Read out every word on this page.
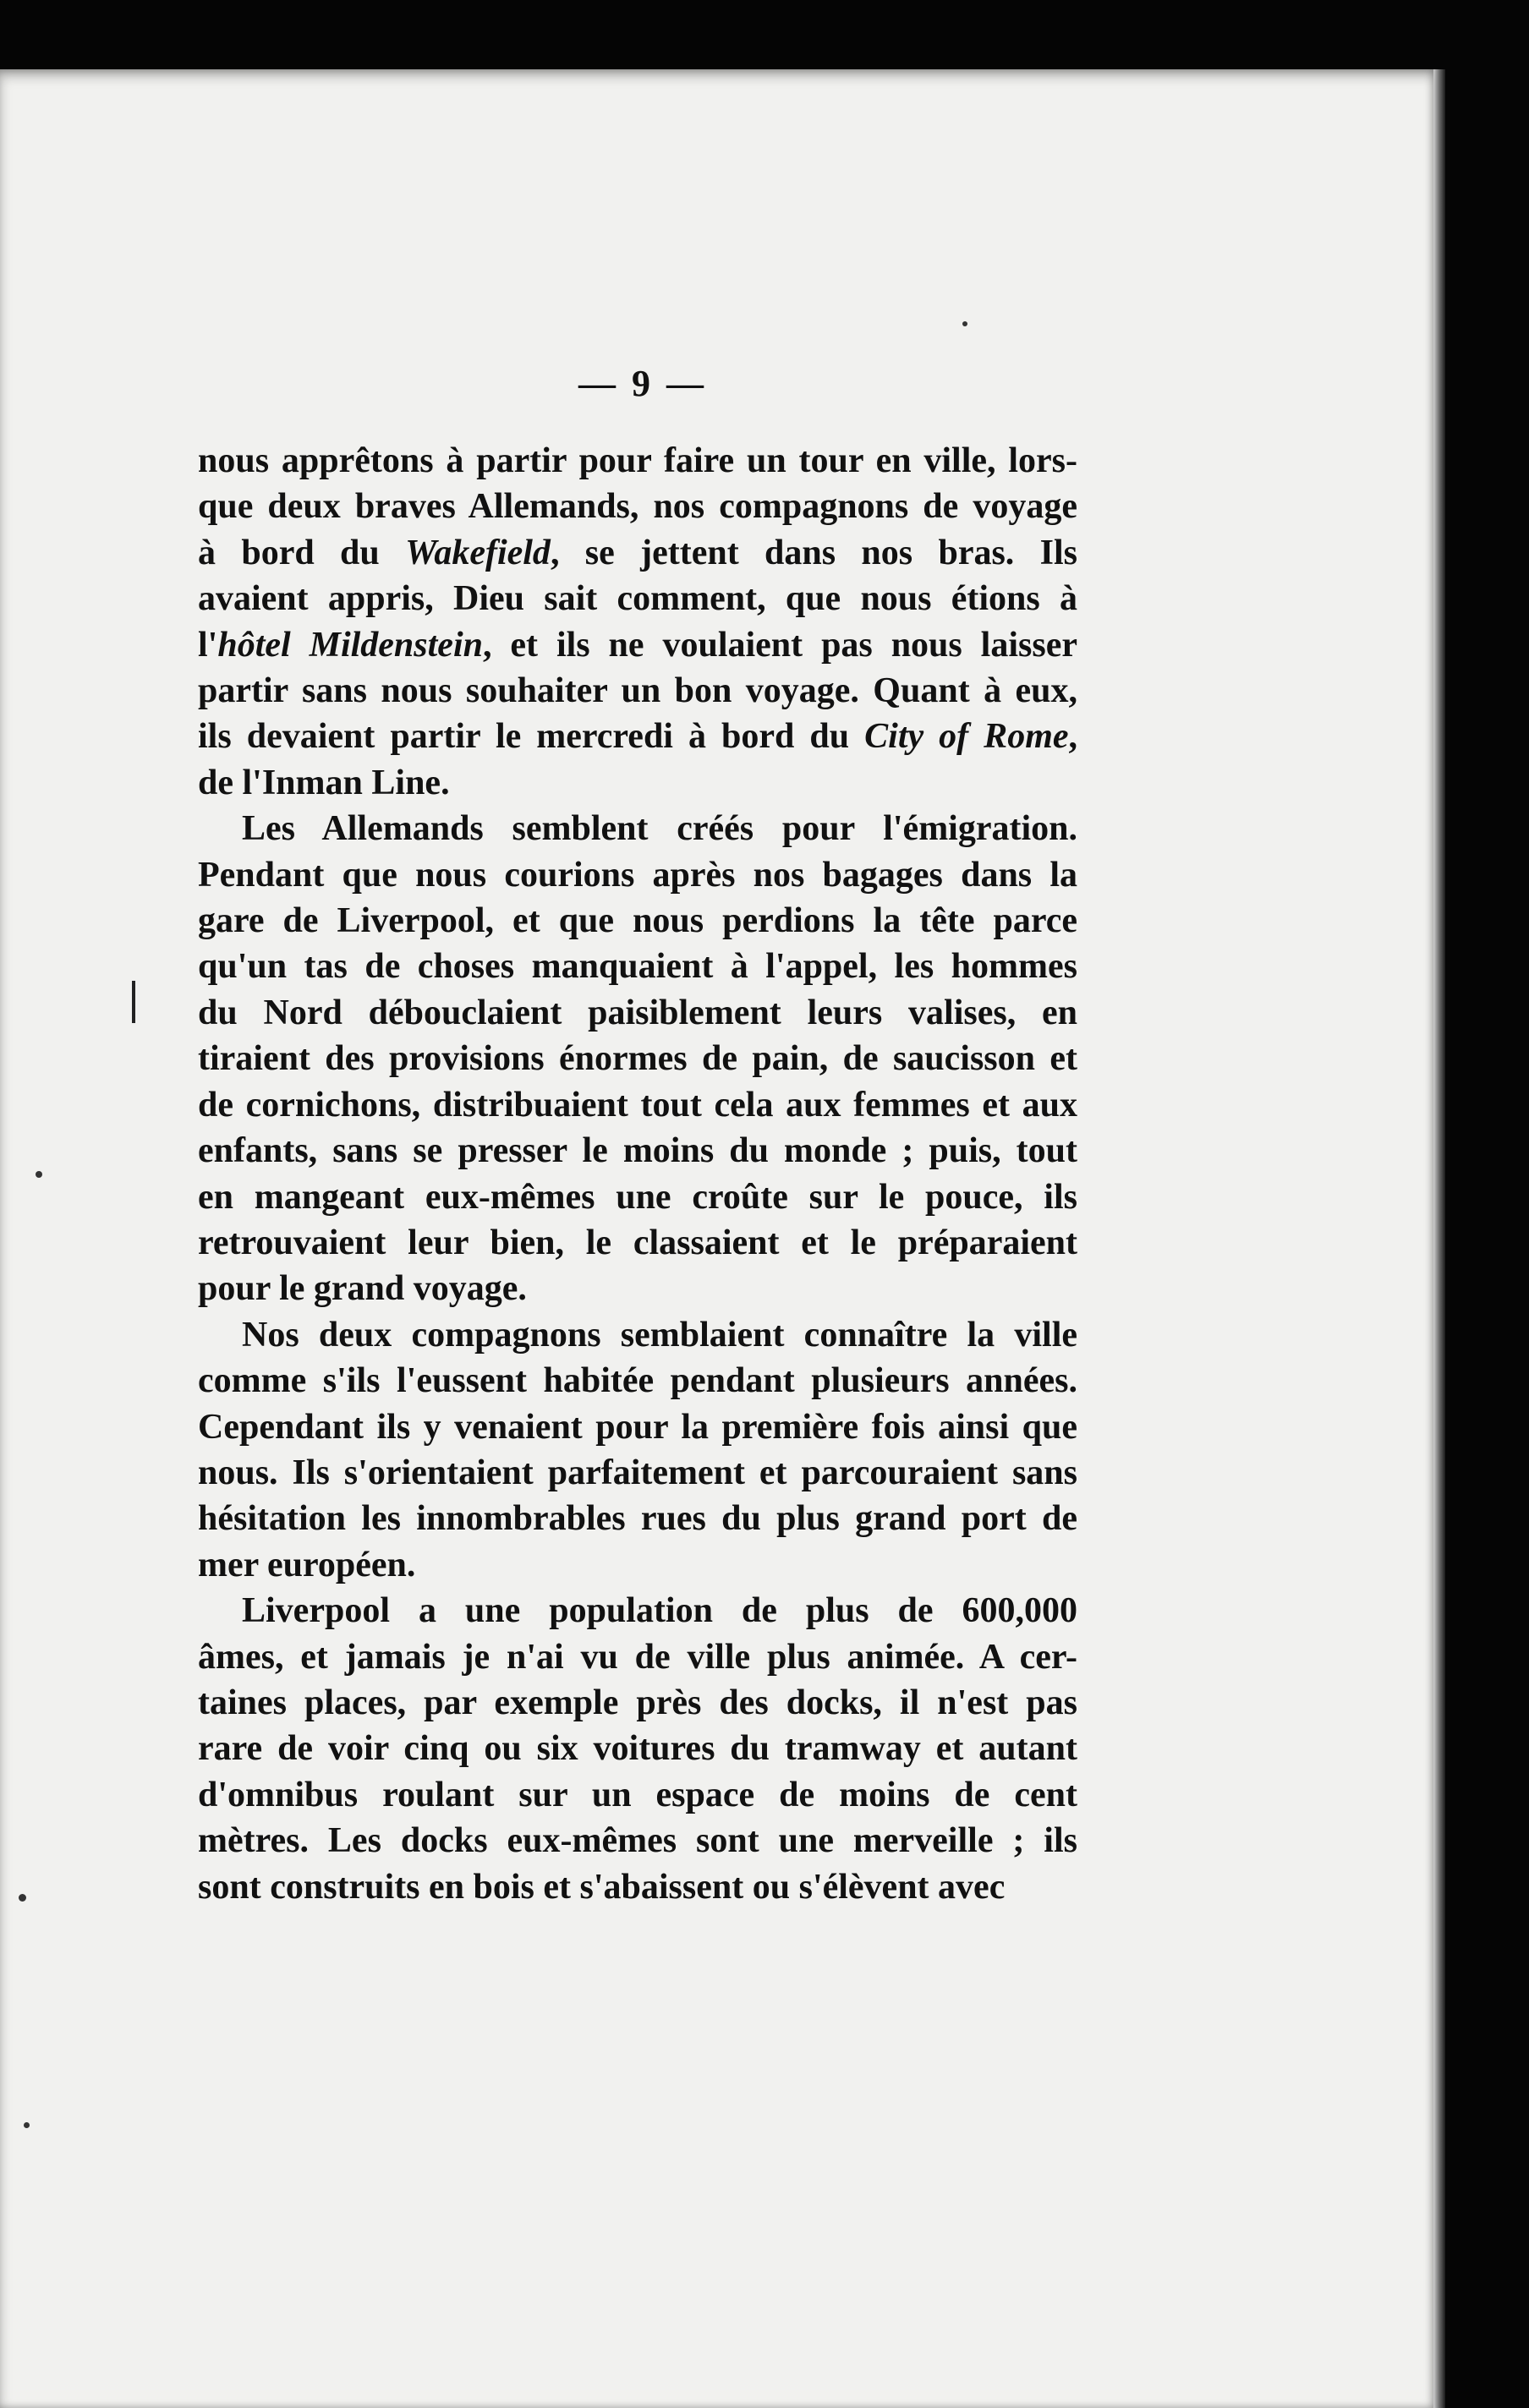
— 9 —
nous apprêtons à partir pour faire un tour en ville, lors-
que deux braves Allemands, nos compagnons de voyage
à bord du Wakefield, se jettent dans nos bras. Ils
avaient appris, Dieu sait comment, que nous étions à
l'hôtel Mildenstein, et ils ne voulaient pas nous laisser
partir sans nous souhaiter un bon voyage. Quant à eux,
ils devaient partir le mercredi à bord du City of Rome,
de l'Inman Line.
Les Allemands semblent créés pour l'émigration.
Pendant que nous courions après nos bagages dans la
gare de Liverpool, et que nous perdions la tête parce
qu'un tas de choses manquaient à l'appel, les hommes
du Nord débouclaient paisiblement leurs valises, en
tiraient des provisions énormes de pain, de saucisson et
de cornichons, distribuaient tout cela aux femmes et aux
enfants, sans se presser le moins du monde ; puis, tout
en mangeant eux-mêmes une croûte sur le pouce, ils
retrouvaient leur bien, le classaient et le préparaient
pour le grand voyage.
Nos deux compagnons semblaient connaître la ville
comme s'ils l'eussent habitée pendant plusieurs années.
Cependant ils y venaient pour la première fois ainsi que
nous. Ils s'orientaient parfaitement et parcouraient sans
hésitation les innombrables rues du plus grand port de
mer européen.
Liverpool a une population de plus de 600,000
âmes, et jamais je n'ai vu de ville plus animée. A cer-
taines places, par exemple près des docks, il n'est pas
rare de voir cinq ou six voitures du tramway et autant
d'omnibus roulant sur un espace de moins de cent
mètres. Les docks eux-mêmes sont une merveille ; ils
sont construits en bois et s'abaissent ou s'élèvent avec
